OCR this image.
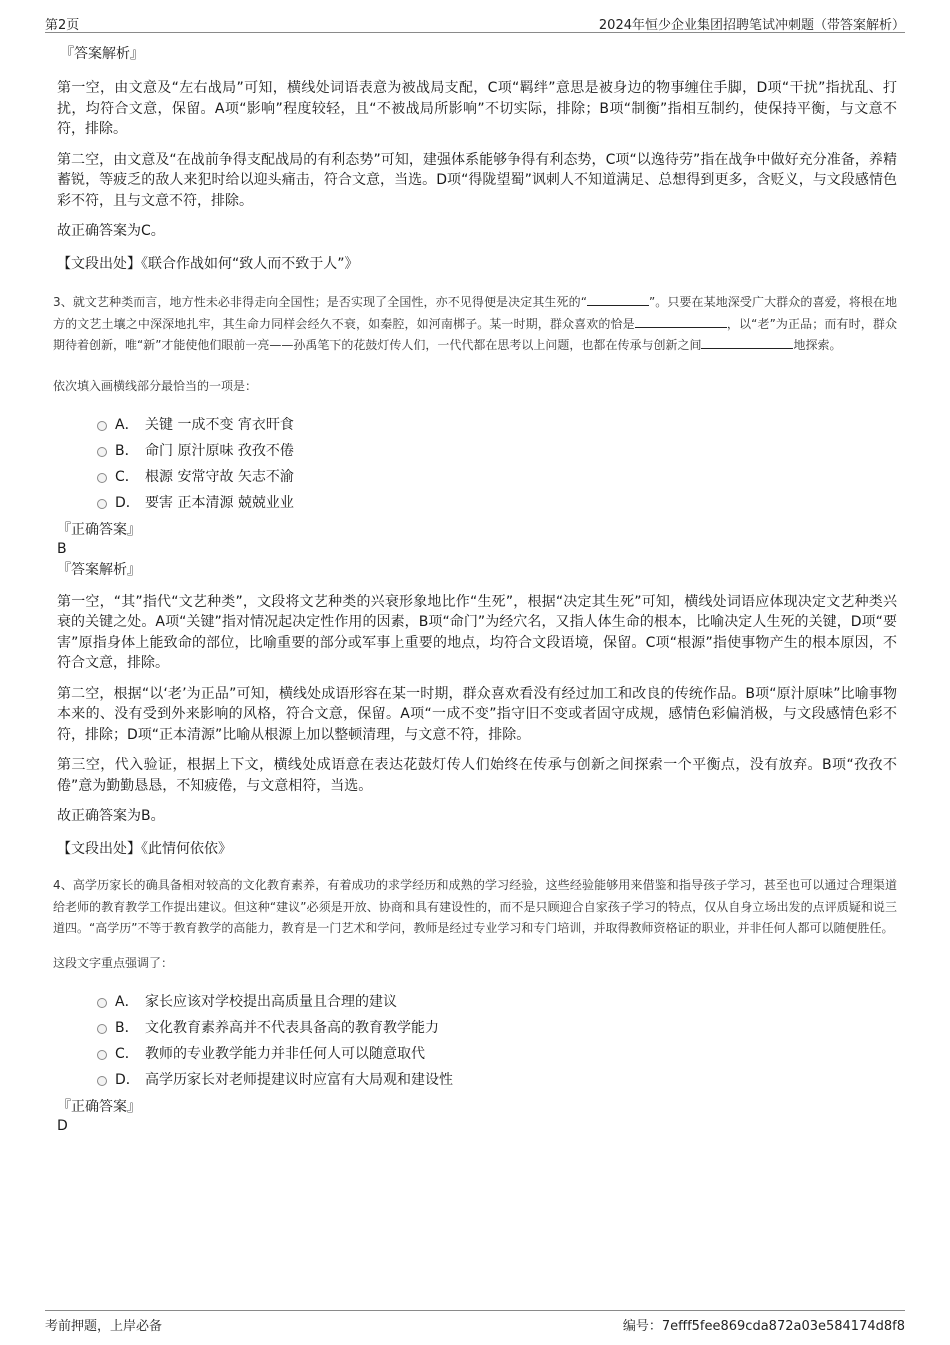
第2页	2024年恒少企业集团招聘笔试冲刺题（带答案解析）

『答案解析』

第一空，由文意及“左右战局”可知，横线处词语表意为被战局支配，C项“羁绊”意思是被身边的物事缠住手脚，D项“干扰”指扰乱、打扰，均符合文意，保留。A项“影响”程度较轻，且“不被战局所影响”不切实际，排除；B项“制衡”指相互制约，使保持平衡，与文意不符，排除。

第二空，由文意及“在战前争得支配战局的有利态势”可知，建强体系能够争得有利态势，C项“以逸待劳”指在战争中做好充分准备，养精蓄锐，等疲乏的敌人来犯时给以迎头痛击，符合文意，当选。D项“得陇望蜀”讽刺人不知道满足、总想得到更多，含贬义，与文段感情色彩不符，且与文意不符，排除。

故正确答案为C。

【文段出处】《联合作战如何“致人而不致于人”》

3、就文艺种类而言，地方性未必非得走向全国性；是否实现了全国性，亦不见得便是决定其生死的“	”。只要在某地深受广大群众的喜爱，将根在地方的文艺土壤之中深深地扎牢，其生命力同样会经久不衰，如秦腔，如河南梆子。某一时期，群众喜欢的恰是	，以“老”为正品；而有时，群众期待着创新，唯“新”才能使他们眼前一亮——孙禹笔下的花鼓灯传人们，一代代都在思考以上问题，也都在传承与创新之间	地探索。

依次填入画横线部分最恰当的一项是：

A． 关键 一成不变 宵衣旰食
B． 命门 原汁原味 孜孜不倦
C． 根源 安常守故 矢志不渝
D． 要害 正本清源 兢兢业业

『正确答案』

B

『答案解析』

第一空，“其”指代“文艺种类”，文段将文艺种类的兴衰形象地比作“生死”，根据“决定其生死”可知，横线处词语应体现决定文艺种类兴衰的关键之处。A项“关键”指对情况起决定性作用的因素，B项“命门”为经穴名，又指人体生命的根本，比喻决定人生死的关键，D项“要害”原指身体上能致命的部位，比喻重要的部分或军事上重要的地点，均符合文段语境，保留。C项“根源”指使事物产生的根本原因，不符合文意，排除。

第二空，根据“以‘老’为正品”可知，横线处成语形容在某一时期，群众喜欢看没有经过加工和改良的传统作品。B项“原汁原味”比喻事物本来的、没有受到外来影响的风格，符合文意，保留。A项“一成不变”指守旧不变或者固守成规，感情色彩偏消极，与文段感情色彩不符，排除；D项“正本清源”比喻从根源上加以整顿清理，与文意不符，排除。

第三空，代入验证，根据上下文，横线处成语意在表达花鼓灯传人们始终在传承与创新之间探索一个平衡点，没有放弃。B项“孜孜不倦”意为勤勤恳恳，不知疲倦，与文意相符，当选。

故正确答案为B。

【文段出处】《此情何依依》

4、高学历家长的确具备相对较高的文化教育素养，有着成功的求学经历和成熟的学习经验，这些经验能够用来借鉴和指导孩子学习，甚至也可以通过合理渠道给老师的教育教学工作提出建议。但这种“建议”必须是开放、协商和具有建设性的，而不是只顾迎合自家孩子学习的特点，仅从自身立场出发的点评质疑和说三道四。“高学历”不等于教育教学的高能力，教育是一门艺术和学问，教师是经过专业学习和专门培训，并取得教师资格证的职业，并非任何人都可以随便胜任。

这段文字重点强调了：

A． 家长应该对学校提出高质量且合理的建议
B． 文化教育素养高并不代表具备高的教育教学能力
C． 教师的专业教学能力并非任何人可以随意取代
D． 高学历家长对老师提建议时应富有大局观和建设性

『正确答案』

D

考前押题，上岸必备	编号：7efff5fee869cda872a03e584174d8f8
